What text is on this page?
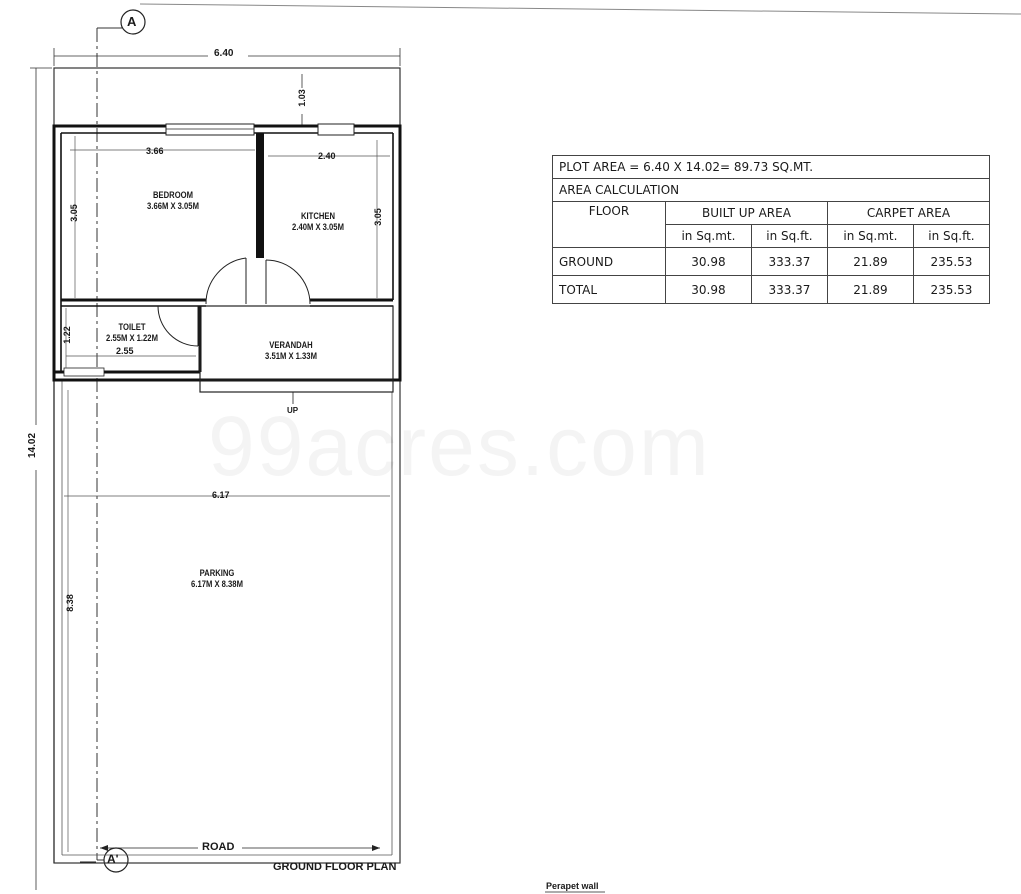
A
A'
6.40
14.02
1.03
3.66
3.05
BEDROOM
3.66M X 3.05M
2.40
3.05
KITCHEN
2.40M X 3.05M
TOILET
2.55M X 1.22M
2.55
1.22
VERANDAH
3.51M X 1.33M
UP
6.17
8.38
PARKING
6.17M X 8.38M
ROAD
GROUND FLOOR PLAN
Perapet wall
PLOT AREA = 6.40 X 14.02= 89.73 SQ.MT.				
AREA CALCULATION				
FLOOR	BUILT UP AREA		CARPET AREA	
	in Sq.mt.	in Sq.ft.	in Sq.mt.	in Sq.ft.
GROUND	30.98	333.37	21.89	235.53
TOTAL	30.98	333.37	21.89	235.53
